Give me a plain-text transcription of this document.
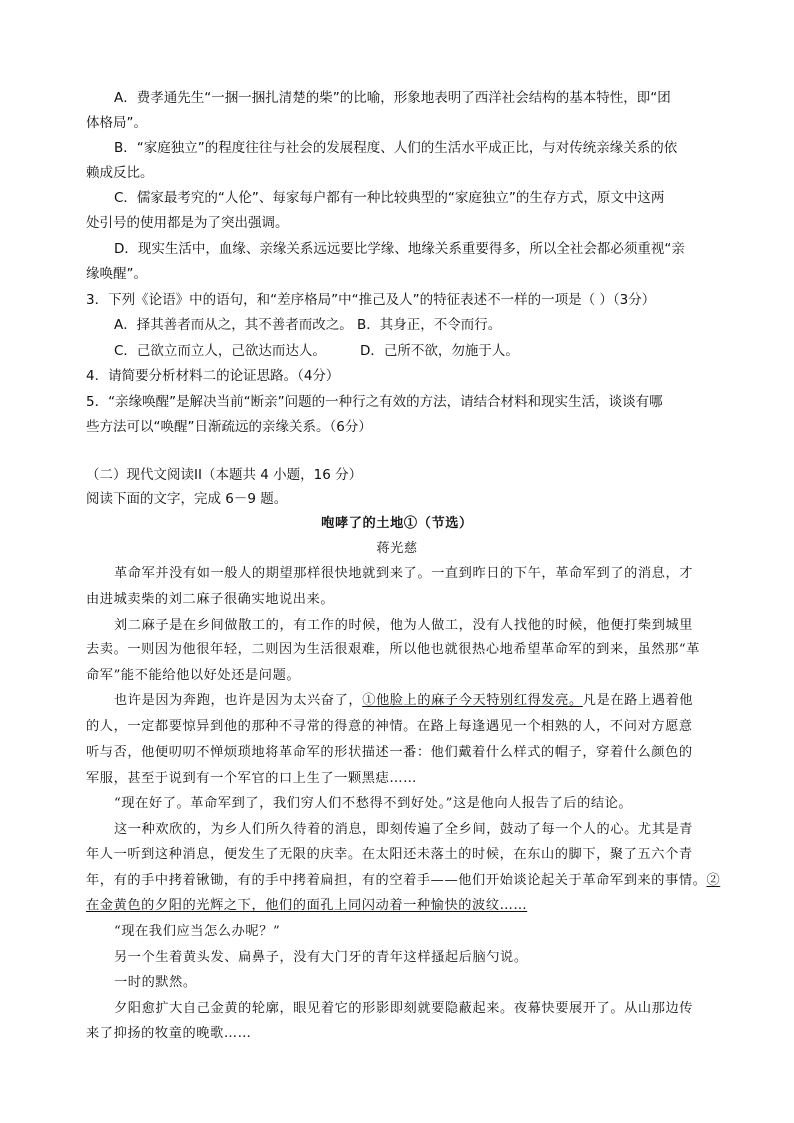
A．费孝通先生“一捆一捆扎清楚的柴”的比喻，形象地表明了西洋社会结构的基本特性，即“团

体格局”。

B．“家庭独立”的程度往往与社会的发展程度、人们的生活水平成正比，与对传统亲缘关系的依

赖成反比。

C．儒家最考究的“人伦”、每家每户都有一种比较典型的“家庭独立”的生存方式，原文中这两

处引号的使用都是为了突出强调。

D．现实生活中，血缘、亲缘关系远远要比学缘、地缘关系重要得多，所以全社会都必须重视“亲

缘唤醒”。

3．下列《论语》中的语句，和“差序格局”中“推己及人”的特征表述不一样的一项是（ ）（3分）

A．择其善者而从之，其不善者而改之。 B．其身正，不令而行。

C．己欲立而立人，己欲达而达人。	D．己所不欲，勿施于人。

4．请简要分析材料二的论证思路。（4分）

5．“亲缘唤醒”是解决当前“断亲”问题的一种行之有效的方法，请结合材料和现实生活，谈谈有哪

些方法可以“唤醒”日渐疏远的亲缘关系。（6分）

（二）现代文阅读II（本题共 4 小题，16 分）

阅读下面的文字，完成 6－9 题。

咆哮了的土地①（节选）

蒋光慈

革命军并没有如一般人的期望那样很快地就到来了。一直到昨日的下午，革命军到了的消息，才

由进城卖柴的刘二麻子很确实地说出来。

刘二麻子是在乡间做散工的，有工作的时候，他为人做工，没有人找他的时候，他便打柴到城里

去卖。一则因为他很年轻，二则因为生活很艰难，所以他也就很热心地希望革命军的到来，虽然那“革

命军”能不能给他以好处还是问题。

也许是因为奔跑，也许是因为太兴奋了，①他脸上的麻子今天特别红得发亮。凡是在路上遇着他

的人，一定都要惊异到他的那种不寻常的得意的神情。在路上每逢遇见一个相熟的人，不问对方愿意

听与否，他便叨叨不惮烦琐地将革命军的形状描述一番：他们戴着什么样式的帽子，穿着什么颜色的

军服，甚至于说到有一个军官的口上生了一颗黑痣……

“现在好了。革命军到了，我们穷人们不愁得不到好处。”这是他向人报告了后的结论。

这一种欢欣的，为乡人们所久待着的消息，即刻传遍了全乡间，鼓动了每一个人的心。尤其是青

年人一听到这种消息，便发生了无限的庆幸。在太阳还未落土的时候，在东山的脚下，聚了五六个青

年，有的手中拷着锹锄，有的手中拷着扁担，有的空着手——他们开始谈论起关于革命军到来的事情。②

在金黄色的夕阳的光辉之下，他们的面孔上同闪动着一种愉快的波纹……

“现在我们应当怎么办呢？”

另一个生着黄头发、扁鼻子，没有大门牙的青年这样搔起后脑勺说。

一时的默然。

夕阳愈扩大自己金黄的轮廓，眼见着它的形影即刻就要隐蔽起来。夜幕快要展开了。从山那边传

来了抑扬的牧童的晚歌……
